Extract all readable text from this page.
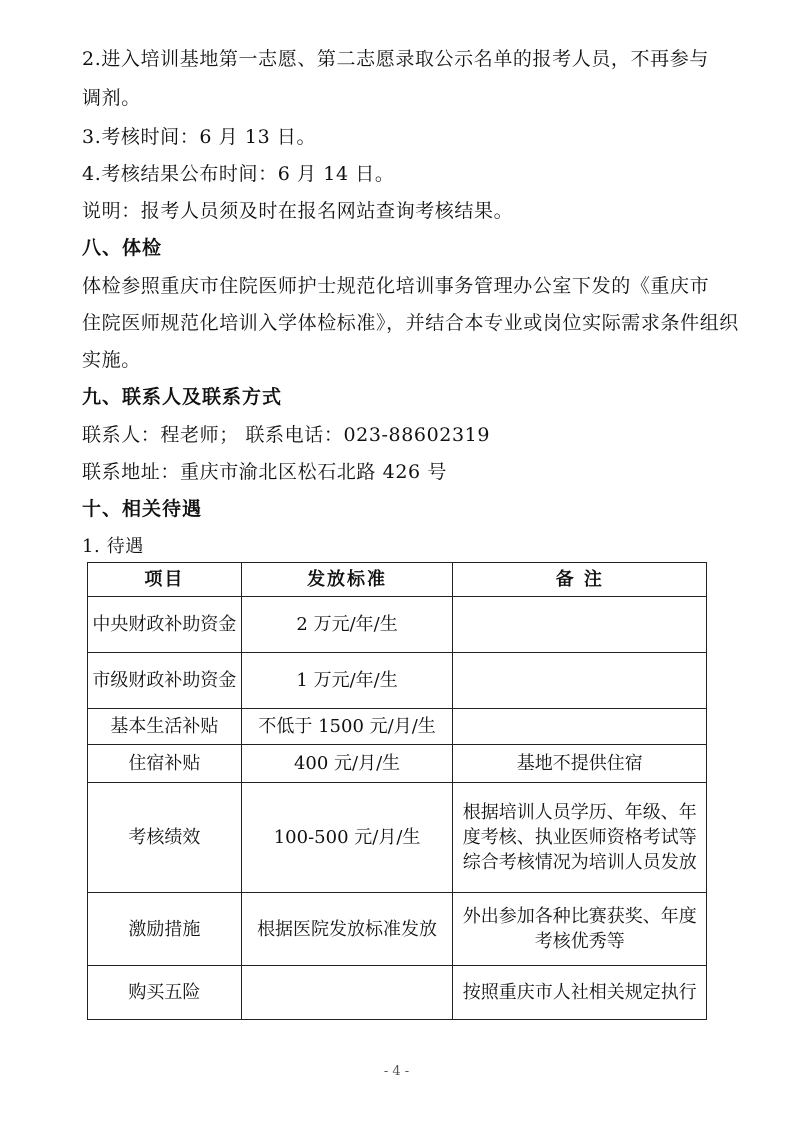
2.进入培训基地第一志愿、第二志愿录取公示名单的报考人员，不再参与
调剂。
3.考核时间：6 月 13 日。
4.考核结果公布时间：6 月 14 日。
说明：报考人员须及时在报名网站查询考核结果。
八、体检
体检参照重庆市住院医师护士规范化培训事务管理办公室下发的《重庆市
住院医师规范化培训入学体检标准》，并结合本专业或岗位实际需求条件组织
实施。
九、联系人及联系方式
联系人：程老师； 联系电话：023-88602319
联系地址：重庆市渝北区松石北路 426 号
十、相关待遇
1. 待遇
项目	发放标准	备 注
中央财政补助资金	2 万元/年/生	
市级财政补助资金	1 万元/年/生	
基本生活补贴	不低于 1500 元/月/生	
住宿补贴	400 元/月/生	基地不提供住宿
考核绩效	100-500 元/月/生	根据培训人员学历、年级、年度考核、执业医师资格考试等综合考核情况为培训人员发放
激励措施	根据医院发放标准发放	外出参加各种比赛获奖、年度考核优秀等
购买五险		按照重庆市人社相关规定执行
- 4 -
